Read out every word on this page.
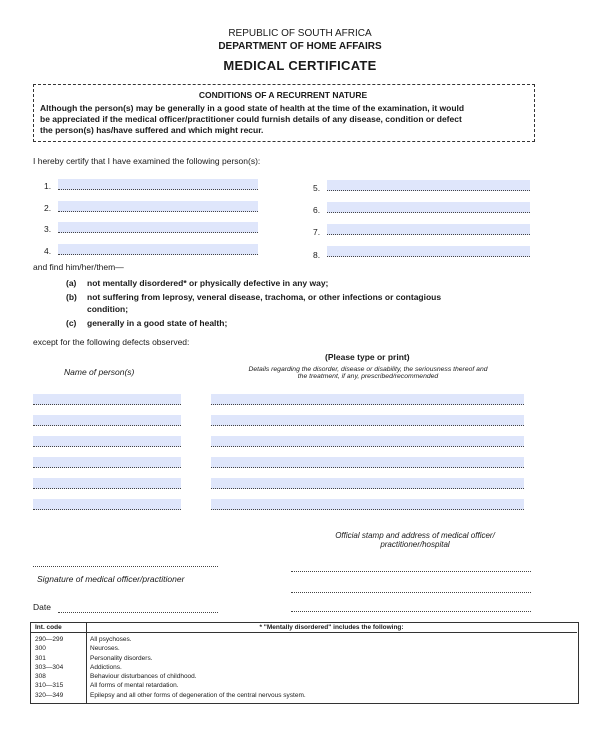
REPUBLIC OF SOUTH AFRICA
DEPARTMENT OF HOME AFFAIRS
MEDICAL CERTIFICATE
CONDITIONS OF A RECURRENT NATURE
Although the person(s) may be generally in a good state of health at the time of the examination, it would
be appreciated if the medical officer/practitioner could furnish details of any disease, condition or defect
the person(s) has/have suffered and which might recur.
I hereby certify that I have examined the following person(s):
1.
2.
3.
4.
5.
6.
7.
8.
and find him/her/them—
(a) not mentally disordered* or physically defective in any way;
(b) not suffering from leprosy, veneral disease, trachoma, or other infections or contagious
condition;
(c) generally in a good state of health;
except for the following defects observed:
(Please type or print)
Name of person(s)	Details regarding the disorder, disease or disability, the seriousness thereof and
the treatment, if any, prescribed/recommended
Official stamp and address of medical officer/
practitioner/hospital
Signature of medical officer/practitioner
Date
Int. code	* "Mentally disordered" includes the following:
290—299
300
301
303—304
308
310—315
320—349
All psychoses.
Neuroses.
Personality disorders.
Addictions.
Behaviour disturbances of childhood.
All forms of mental retardation.
Epilepsy and all other forms of degeneration of the central nervous system.
